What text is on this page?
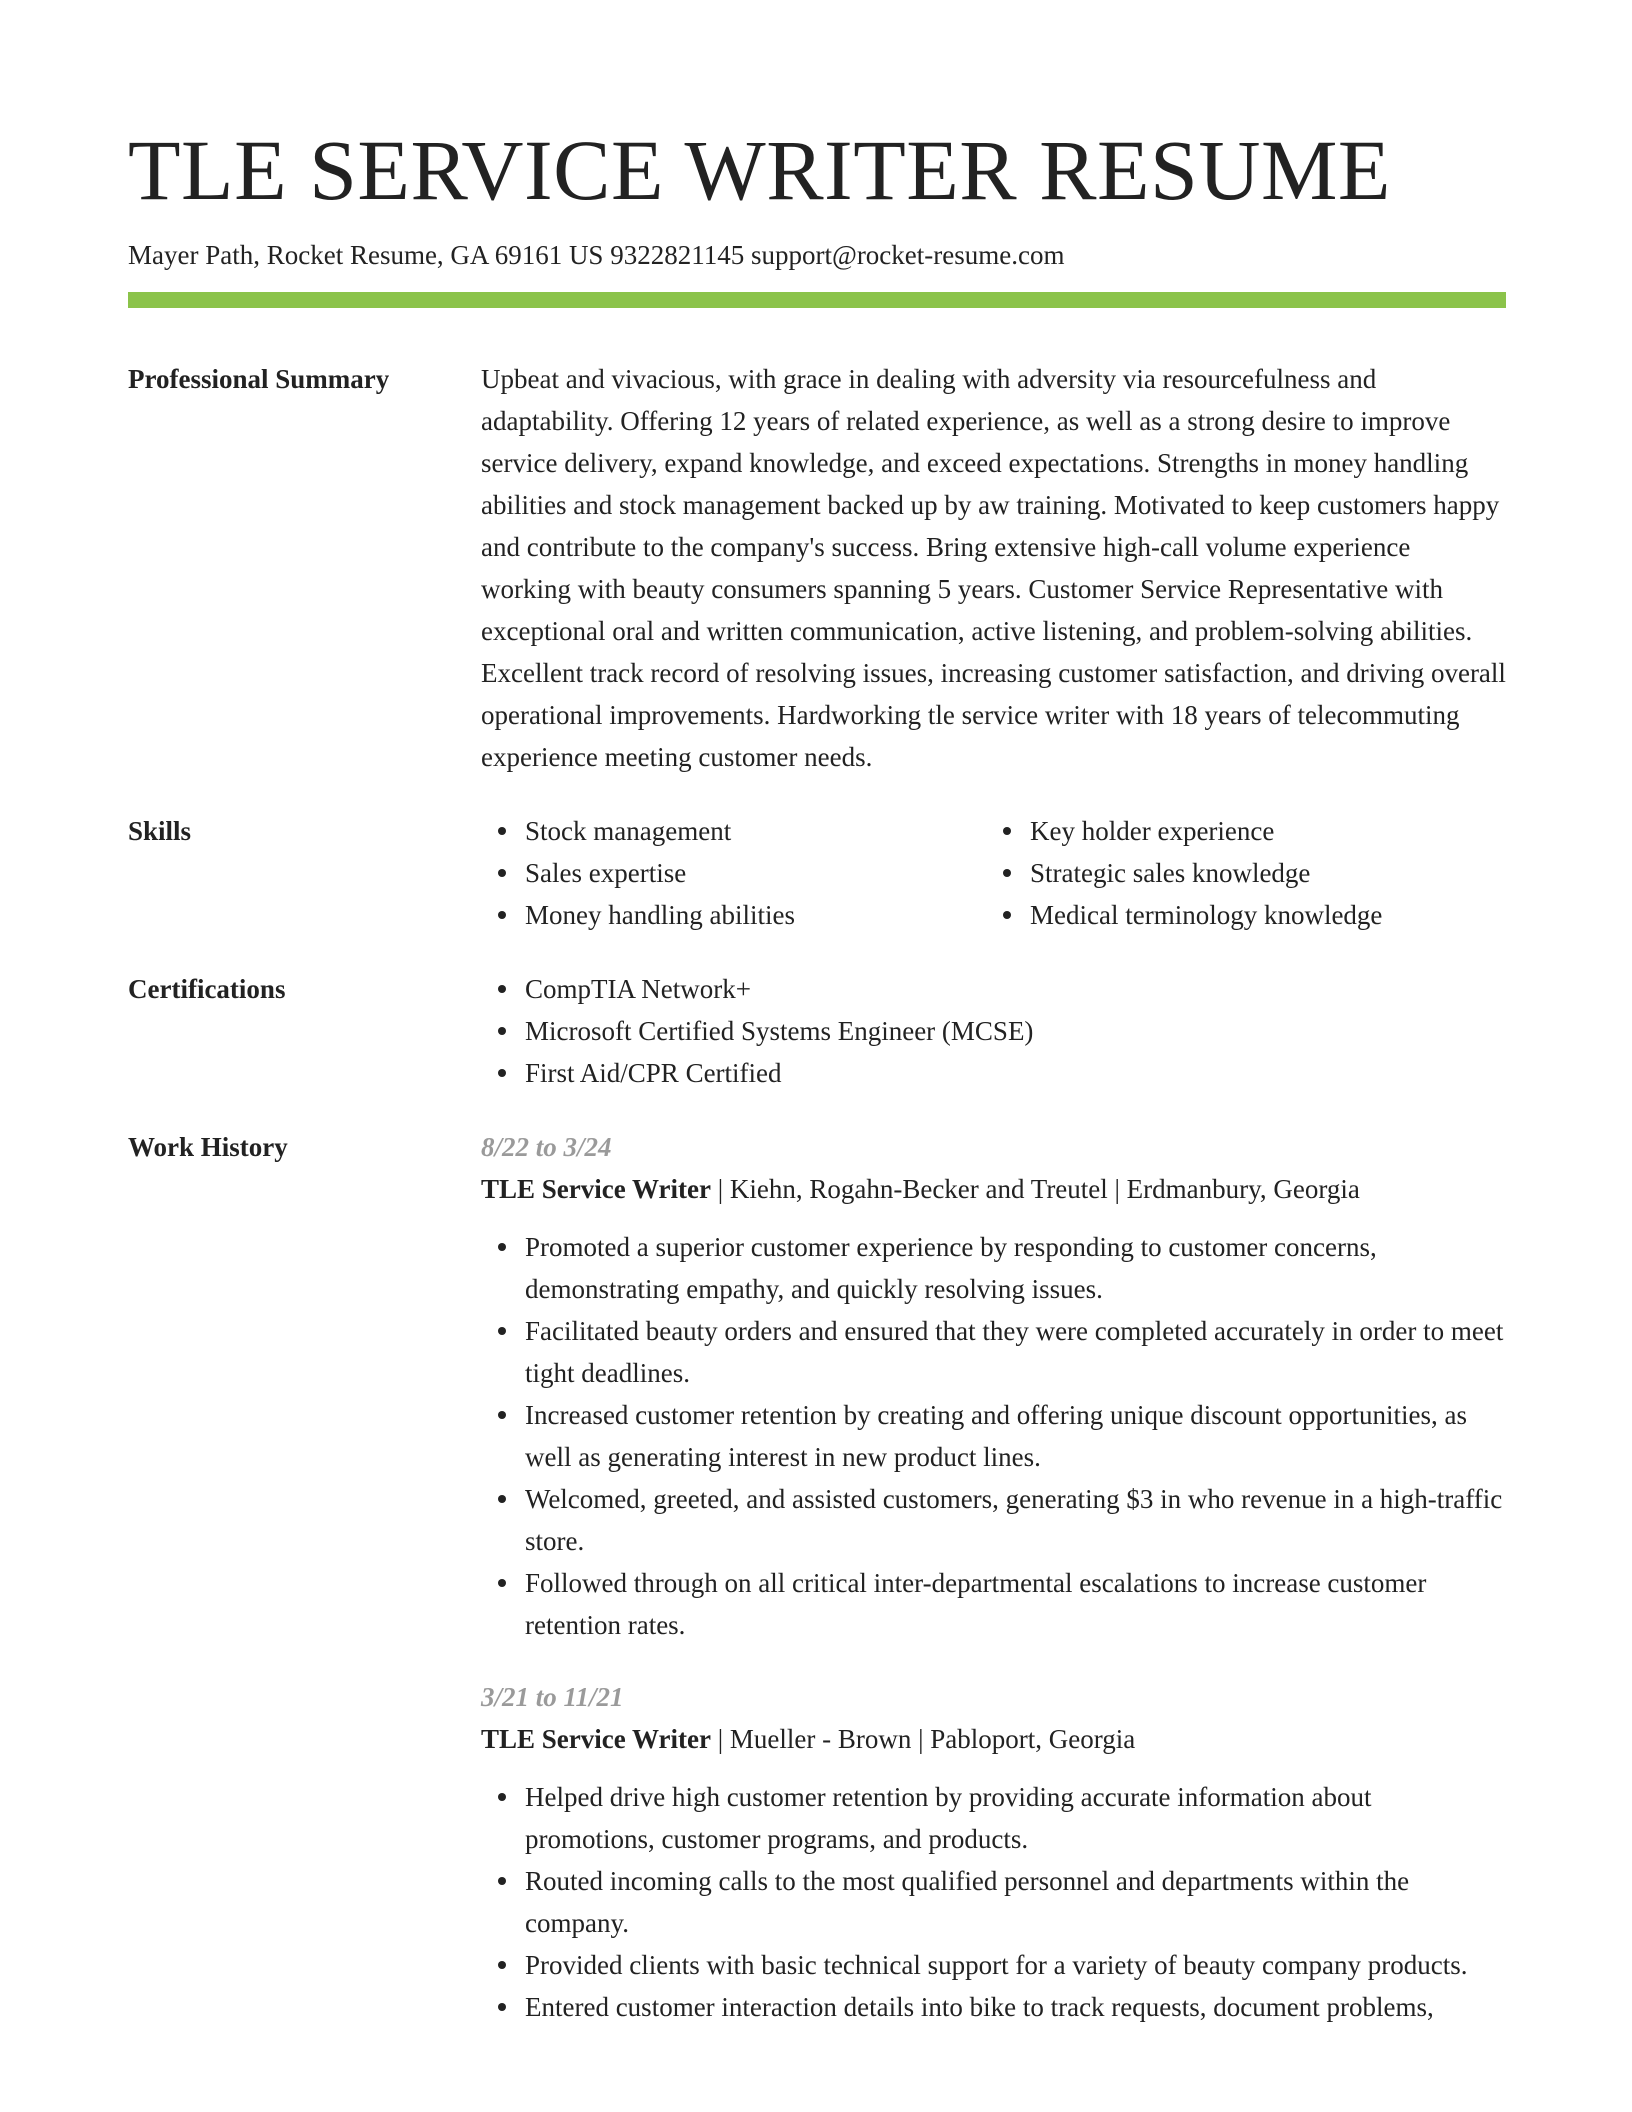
TLE SERVICE WRITER RESUME
Mayer Path, Rocket Resume, GA 69161 US 9322821145 support@rocket-resume.com
Professional Summary	Upbeat and vivacious, with grace in dealing with adversity via resourcefulness and adaptability. Offering 12 years of related experience, as well as a strong desire to improve service delivery, expand knowledge, and exceed expectations. Strengths in money handling abilities and stock management backed up by aw training. Motivated to keep customers happy and contribute to the company's success. Bring extensive high-call volume experience working with beauty consumers spanning 5 years. Customer Service Representative with exceptional oral and written communication, active listening, and problem-solving abilities. Excellent track record of resolving issues, increasing customer satisfaction, and driving overall operational improvements. Hardworking tle service writer with 18 years of telecommuting experience meeting customer needs.

Skills	Stock management	Key holder experience
Sales expertise	Strategic sales knowledge
Money handling abilities	Medical terminology knowledge
Certifications	CompTIA Network+
Microsoft Certified Systems Engineer (MCSE)
First Aid/CPR Certified
Work History	8/22 to 3/24
TLE Service Writer | Kiehn, Rogahn-Becker and Treutel | Erdmanbury, Georgia
Promoted a superior customer experience by responding to customer concerns, demonstrating empathy, and quickly resolving issues.
Facilitated beauty orders and ensured that they were completed accurately in order to meet tight deadlines.
Increased customer retention by creating and offering unique discount opportunities, as well as generating interest in new product lines.
Welcomed, greeted, and assisted customers, generating $3 in who revenue in a high-traffic store.
Followed through on all critical inter-departmental escalations to increase customer retention rates.
3/21 to 11/21
TLE Service Writer | Mueller - Brown | Pabloport, Georgia
Helped drive high customer retention by providing accurate information about promotions, customer programs, and products.
Routed incoming calls to the most qualified personnel and departments within the company.
Provided clients with basic technical support for a variety of beauty company products.
Entered customer interaction details into bike to track requests, document problems,
